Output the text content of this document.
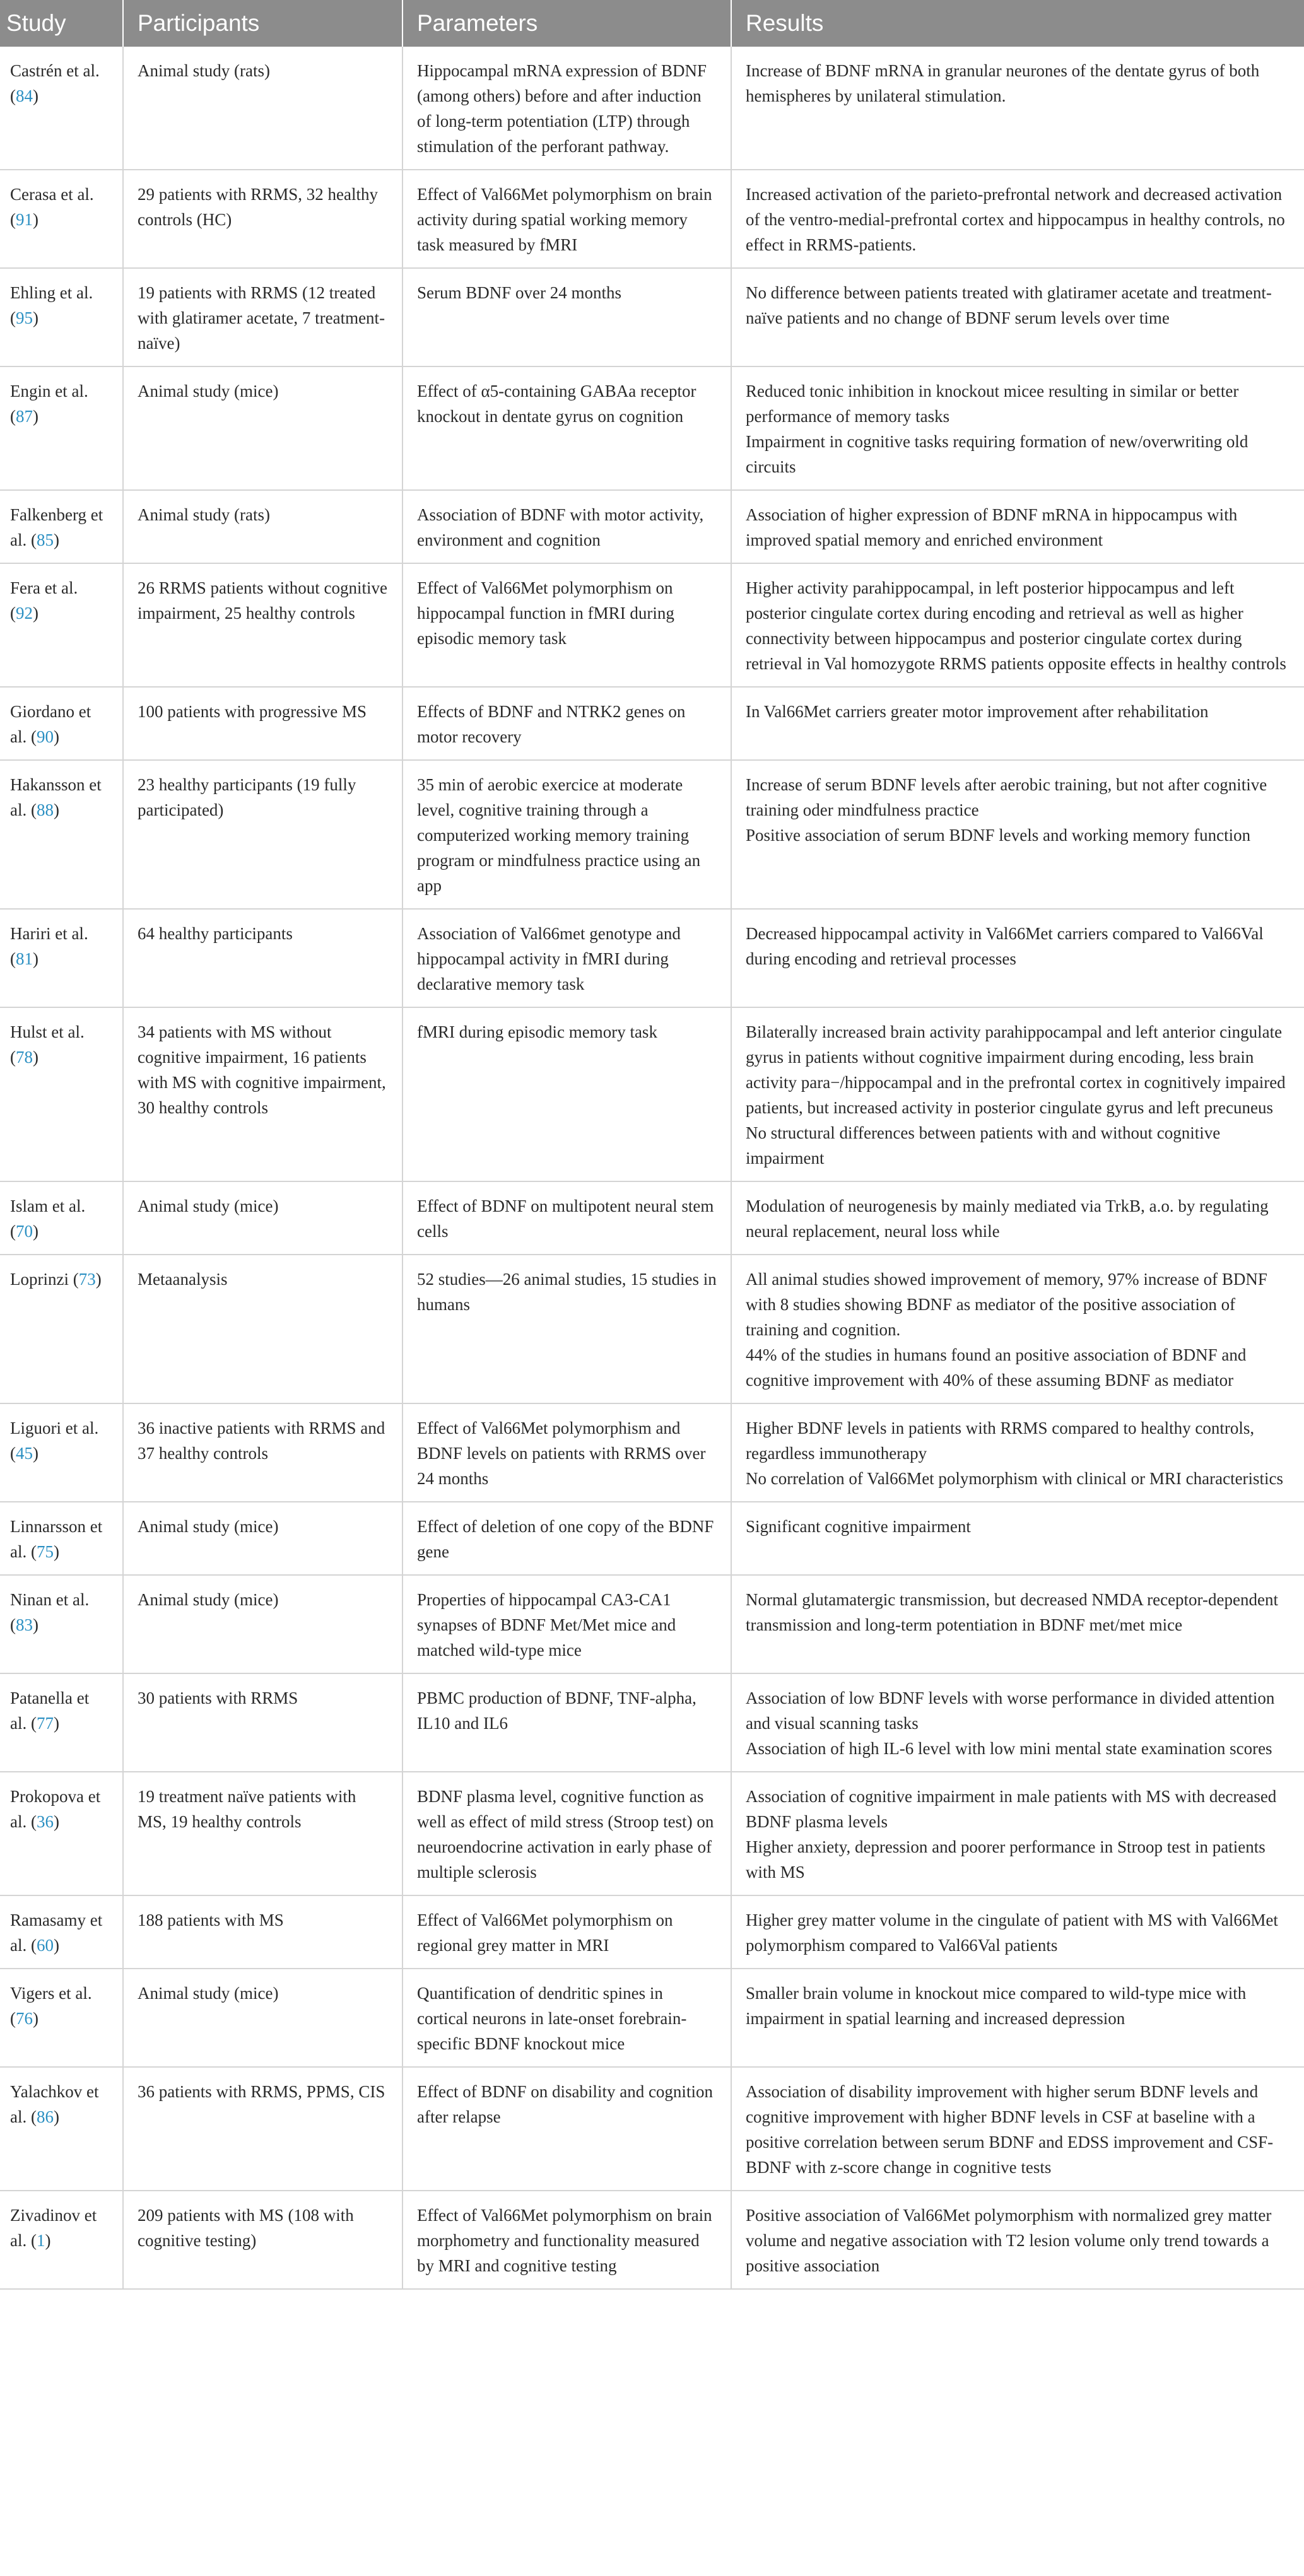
Study	Participants	Parameters	Results
Castrén et al. (84)	Animal study (rats)	Hippocampal mRNA expression of BDNF (among others) before and after induction of long-term potentiation (LTP) through stimulation of the perforant pathway.	Increase of BDNF mRNA in granular neurones of the dentate gyrus of both hemispheres by unilateral stimulation.

Cerasa et al. (91)	29 patients with RRMS, 32 healthy controls (HC)	Effect of Val66Met polymorphism on brain activity during spatial working memory task measured by fMRI	Increased activation of the parieto-prefrontal network and decreased activation of the ventro-medial-prefrontal cortex and hippocampus in healthy controls, no effect in RRMS-patients.

Ehling et al. (95)	19 patients with RRMS (12 treated with glatiramer acetate, 7 treatment-naïve)	Serum BDNF over 24 months	No difference between patients treated with glatiramer acetate and treatment-naïve patients and no change of BDNF serum levels over time

Engin et al. (87)	Animal study (mice)	Effect of α5-containing GABAa receptor knockout in dentate gyrus on cognition	Reduced tonic inhibition in knockout micee resulting in similar or better performance of memory tasks
Impairment in cognitive tasks requiring formation of new/overwriting old circuits

Falkenberg et al. (85)	Animal study (rats)	Association of BDNF with motor activity, environment and cognition	Association of higher expression of BDNF mRNA in hippocampus with improved spatial memory and enriched environment

Fera et al. (92)	26 RRMS patients without cognitive impairment, 25 healthy controls	Effect of Val66Met polymorphism on hippocampal function in fMRI during episodic memory task	Higher activity parahippocampal, in left posterior hippocampus and left posterior cingulate cortex during encoding and retrieval as well as higher connectivity between hippocampus and posterior cingulate cortex during retrieval in Val homozygote RRMS patients opposite effects in healthy controls

Giordano et al. (90)	100 patients with progressive MS	Effects of BDNF and NTRK2 genes on motor recovery	In Val66Met carriers greater motor improvement after rehabilitation

Hakansson et al. (88)	23 healthy participants (19 fully participated)	35 min of aerobic exercice at moderate level, cognitive training through a computerized working memory training program or mindfulness practice using an app	Increase of serum BDNF levels after aerobic training, but not after cognitive training oder mindfulness practice
Positive association of serum BDNF levels and working memory function

Hariri et al. (81)	64 healthy participants	Association of Val66met genotype and hippocampal activity in fMRI during declarative memory task	Decreased hippocampal activity in Val66Met carriers compared to Val66Val during encoding and retrieval processes

Hulst et al. (78)	34 patients with MS without cognitive impairment, 16 patients with MS with cognitive impairment, 30 healthy controls	fMRI during episodic memory task	Bilaterally increased brain activity parahippocampal and left anterior cingulate gyrus in patients without cognitive impairment during encoding, less brain activity para−/hippocampal and in the prefrontal cortex in cognitively impaired patients, but increased activity in posterior cingulate gyrus and left precuneus
No structural differences between patients with and without cognitive impairment

Islam et al. (70)	Animal study (mice)	Effect of BDNF on multipotent neural stem cells	Modulation of neurogenesis by mainly mediated via TrkB, a.o. by regulating neural replacement, neural loss while

Loprinzi (73)	Metaanalysis	52 studies—26 animal studies, 15 studies in humans	All animal studies showed improvement of memory, 97% increase of BDNF with 8 studies showing BDNF as mediator of the positive association of training and cognition.
44% of the studies in humans found an positive association of BDNF and cognitive improvement with 40% of these assuming BDNF as mediator

Liguori et al. (45)	36 inactive patients with RRMS and 37 healthy controls	Effect of Val66Met polymorphism and BDNF levels on patients with RRMS over 24 months	Higher BDNF levels in patients with RRMS compared to healthy controls, regardless immunotherapy
No correlation of Val66Met polymorphism with clinical or MRI characteristics

Linnarsson et al. (75)	Animal study (mice)	Effect of deletion of one copy of the BDNF gene	Significant cognitive impairment

Ninan et al. (83)	Animal study (mice)	Properties of hippocampal CA3-CA1 synapses of BDNF Met/Met mice and matched wild-type mice	Normal glutamatergic transmission, but decreased NMDA receptor-dependent transmission and long-term potentiation in BDNF met/met mice

Patanella et al. (77)	30 patients with RRMS	PBMC production of BDNF, TNF-alpha, IL10 and IL6	Association of low BDNF levels with worse performance in divided attention and visual scanning tasks
Association of high IL-6 level with low mini mental state examination scores

Prokopova et al. (36)	19 treatment naïve patients with MS, 19 healthy controls	BDNF plasma level, cognitive function as well as effect of mild stress (Stroop test) on neuroendocrine activation in early phase of multiple sclerosis	Association of cognitive impairment in male patients with MS with decreased BDNF plasma levels
Higher anxiety, depression and poorer performance in Stroop test in patients with MS

Ramasamy et al. (60)	188 patients with MS	Effect of Val66Met polymorphism on regional grey matter in MRI	Higher grey matter volume in the cingulate of patient with MS with Val66Met polymorphism compared to Val66Val patients

Vigers et al. (76)	Animal study (mice)	Quantification of dendritic spines in cortical neurons in late-onset forebrain-specific BDNF knockout mice	Smaller brain volume in knockout mice compared to wild-type mice with impairment in spatial learning and increased depression

Yalachkov et al. (86)	36 patients with RRMS, PPMS, CIS	Effect of BDNF on disability and cognition after relapse	Association of disability improvement with higher serum BDNF levels and cognitive improvement with higher BDNF levels in CSF at baseline with a positive correlation between serum BDNF and EDSS improvement and CSF-BDNF with z-score change in cognitive tests

Zivadinov et al. (1)	209 patients with MS (108 with cognitive testing)	Effect of Val66Met polymorphism on brain morphometry and functionality measured by MRI and cognitive testing	Positive association of Val66Met polymorphism with normalized grey matter volume and negative association with T2 lesion volume only trend towards a positive association
